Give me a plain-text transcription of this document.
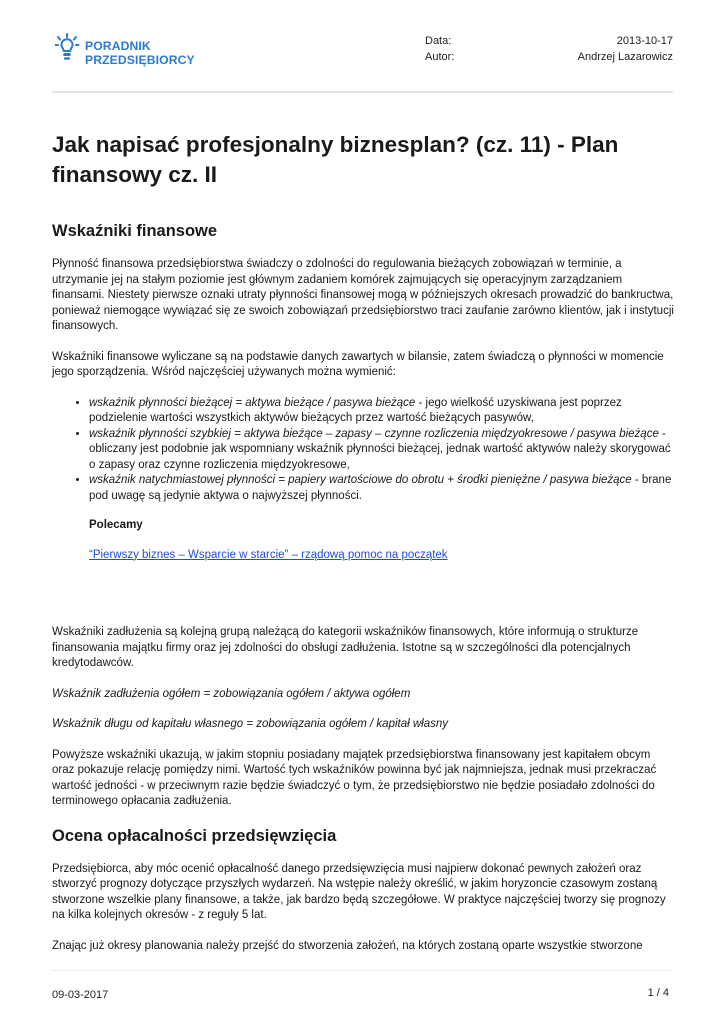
PORADNIK
PRZEDSIĘBIORCY
Data:
Autor:
2013-10-17
Andrzej Lazarowicz
Jak napisać profesjonalny biznesplan? (cz. 11) - Plan finansowy cz. II
Wskaźniki finansowe

Płynność finansowa przedsiębiorstwa świadczy o zdolności do regulowania bieżących zobowiązań w terminie, a utrzymanie jej na stałym poziomie jest głównym zadaniem komórek zajmujących się operacyjnym zarządzaniem finansami. Niestety pierwsze oznaki utraty płynności finansowej mogą w późniejszych okresach prowadzić do bankructwa, ponieważ niemogące wywiązać się ze swoich zobowiązań przedsiębiorstwo traci zaufanie zarówno klientów, jak i instytucji finansowych.

Wskaźniki finansowe wyliczane są na podstawie danych zawartych w bilansie, zatem świadczą o płynności w momencie jego sporządzenia. Wśród najczęściej używanych można wymienić:

• wskaźnik płynności bieżącej = aktywa bieżące / pasywa bieżące - jego wielkość uzyskiwana jest poprzez podzielenie wartości wszystkich aktywów bieżących przez wartość bieżących pasywów,
• wskaźnik płynności szybkiej = aktywa bieżące – zapasy – czynne rozliczenia międzyokresowe / pasywa bieżące - obliczany jest podobnie jak wspomniany wskaźnik płynności bieżącej, jednak wartość aktywów należy skorygować o zapasy oraz czynne rozliczenia międzyokresowe,
• wskaźnik natychmiastowej płynności = papiery wartościowe do obrotu + środki pieniężne / pasywa bieżące - brane pod uwagę są jedynie aktywa o najwyższej płynności.
Polecamy
“Pierwszy biznes – Wsparcie w starcie” – rządową pomoc na początek

Wskaźniki zadłużenia są kolejną grupą należącą do kategorii wskaźników finansowych, które informują o strukturze finansowania majątku firmy oraz jej zdolności do obsługi zadłużenia. Istotne są w szczególności dla potencjalnych kredytodawców.

Wskaźnik zadłużenia ogółem = zobowiązania ogółem / aktywa ogółem

Wskaźnik długu od kapitału własnego = zobowiązania ogółem / kapitał własny

Powyższe wskaźniki ukazują, w jakim stopniu posiadany majątek przedsiębiorstwa finansowany jest kapitałem obcym oraz pokazuje relację pomiędzy nimi. Wartość tych wskaźników powinna być jak najmniejsza, jednak musi przekraczać wartość jedności - w przeciwnym razie będzie świadczyć o tym, że przedsiębiorstwo nie będzie posiadało zdolności do terminowego opłacania zadłużenia.

Ocena opłacalności przedsięwzięcia

Przedsiębiorca, aby móc ocenić opłacalność danego przedsięwzięcia musi najpierw dokonać pewnych założeń oraz stworzyć prognozy dotyczące przyszłych wydarzeń. Na wstępie należy określić, w jakim horyzoncie czasowym zostaną stworzone wszelkie plany finansowe, a także, jak bardzo będą szczegółowe. W praktyce najczęściej tworzy się prognozy na kilka kolejnych okresów - z reguły 5 lat.

Znając już okresy planowania należy przejść do stworzenia założeń, na których zostaną oparte wszystkie stworzone

09-03-2017	1 / 4
